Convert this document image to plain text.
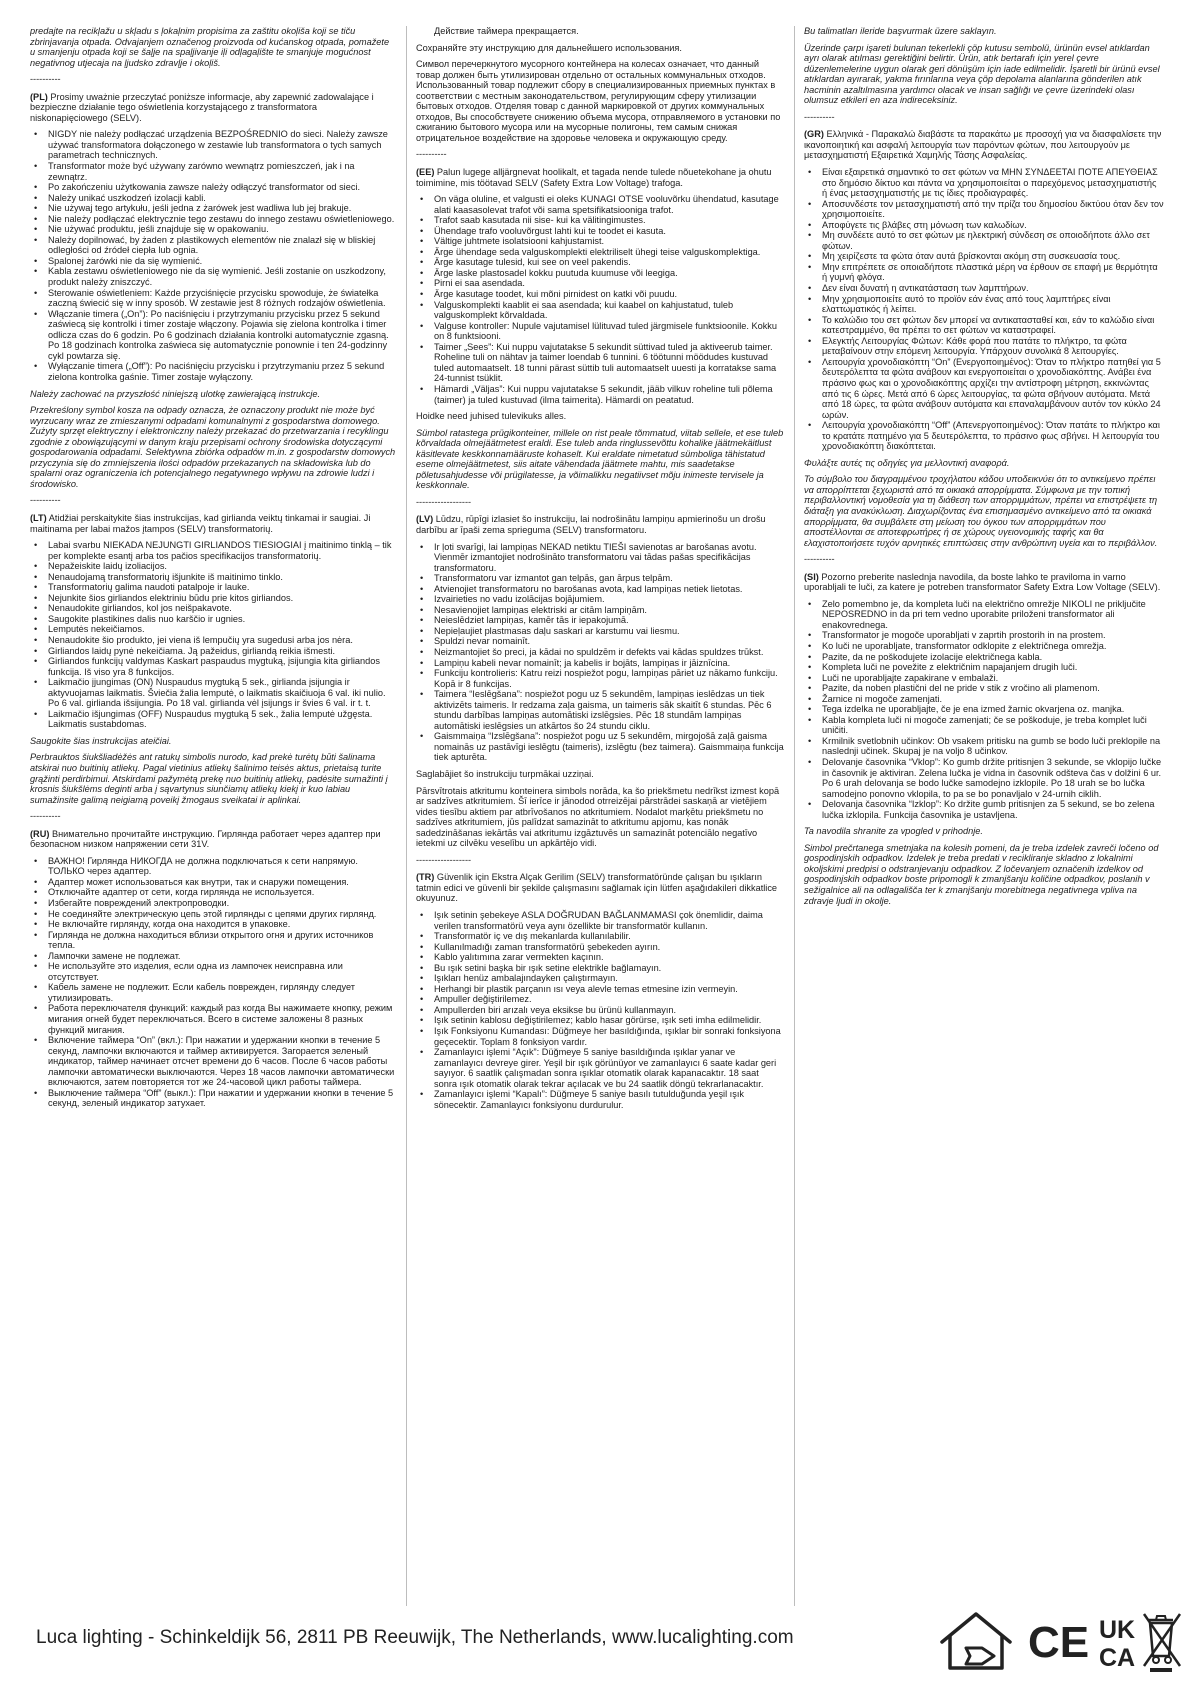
predajte na recikļažu u skļadu s ļokaļnim propisima za zaštitu okoļiša koji se tiču zbrinjavanja otpada. Odvajanjem označenog proizvoda od kućanskog otpada, pomažete u smanjenju otpada koji se šaļje na spaļjivanje iļi odļagaļište te smanjuje mogućnost negativnog utjecaja na ļjudsko zdravļje i okoļiš.

----------

(PL) Prosimy uważnie przeczytać poniższe informacje, aby zapewnić zadowalające i bezpieczne działanie tego oświetlenia korzystającego z transformatora niskonapięciowego (SELV).

• NIGDY nie należy podłączać urządzenia BEZPOŚREDNIO do sieci. Należy zawsze używać transformatora dołączonego w zestawie lub transformatora o tych samych parametrach technicznych.
• Transformator może być używany zarówno wewnątrz pomieszczeń, jak i na zewnątrz.
• Po zakończeniu użytkowania zawsze należy odłączyć transformator od sieci.
• Należy unikać uszkodzeń izolacji kabli.
• Nie używaj tego artykułu, jeśli jedna z żarówek jest wadliwa lub jej brakuje.
• Nie należy podłączać elektrycznie tego zestawu do innego zestawu oświetleniowego.
• Nie używać produktu, jeśli znajduje się w opakowaniu.
• Należy dopilnować, by żaden z plastikowych elementów nie znalazł się w bliskiej odległości od źródeł ciepła lub ognia.
• Spalonej żarówki nie da się wymienić.
• Kabla zestawu oświetleniowego nie da się wymienić. Jeśli zostanie on uszkodzony, produkt należy zniszczyć.
• Sterowanie oświetleniem: Każde przyciśnięcie przycisku spowoduje, że światełka zaczną świecić się w inny sposób. W zestawie jest 8 różnych rodzajów oświetlenia.
• Włączanie timera („On”): Po naciśnięciu i przytrzymaniu przycisku przez 5 sekund zaświecą się kontrolki i timer zostaje włączony. Pojawia się zielona kontrolka i timer odlicza czas do 6 godzin. Po 6 godzinach działania kontrolki automatycznie zgasną. Po 18 godzinach kontrolka zaświeca się automatycznie ponownie i ten 24-godzinny cykl powtarza się.
• Wyłączanie timera („Off”): Po naciśnięciu przycisku i przytrzymaniu przez 5 sekund zielona kontrolka gaśnie. Timer zostaje wyłączony.

Należy zachować na przyszłość niniejszą ulotkę zawierającą instrukcje.

Przekreślony symbol kosza na odpady oznacza, że oznaczony produkt nie może być wyrzucany wraz ze zmieszanymi odpadami komunalnymi z gospodarstwa domowego. Zużyty sprzęt elektryczny i elektroniczny należy przekazać do przetwarzania i recyklingu zgodnie z obowiązującymi w danym kraju przepisami ochrony środowiska dotyczącymi gospodarowania odpadami. Selektywna zbiórka odpadów m.in. z gospodarstw domowych przyczynia się do zmniejszenia ilości odpadów przekazanych na składowiska lub do spalarni oraz ograniczenia ich potencjalnego negatywnego wpływu na zdrowie ludzi i środowisko.

----------

(LT) Atidžiai perskaitykite šias instrukcijas, kad girlianda veiktų tinkamai ir saugiai. Ji maitinama per labai mažos įtampos (SELV) transformatorių.

• Labai svarbu NIEKADA NEJUNGTI GIRLIANDOS TIESIOGIAI į maitinimo tinklą – tik per komplekte esantį arba tos pačios specifikacijos transformatorių.
• Nepažeiskite laidų izoliacijos.
• Nenaudojamą transformatorių išjunkite iš maitinimo tinklo.
• Transformatorių galima naudoti patalpoje ir lauke.
• Nejunkite šios girliandos elektriniu būdu prie kitos girliandos.
• Nenaudokite girliandos, kol jos neišpakavote.
• Saugokite plastikines dalis nuo karščio ir ugnies.
• Lemputės nekeičiamos.
• Nenaudokite šio produkto, jei viena iš lempučių yra sugedusi arba jos nėra.
• Girliandos laidų pynė nekeičiama. Ją pažeidus, girliandą reikia išmesti.
• Girliandos funkcijų valdymas Kaskart paspaudus mygtuką, įsijungia kita girliandos funkcija. Iš viso yra 8 funkcijos.
• Laikmačio įjungimas (ON) Nuspaudus mygtuką 5 sek., girlianda įsijungia ir aktyvuojamas laikmatis. Šviečia žalia lemputė, o laikmatis skaičiuoja 6 val. iki nulio. Po 6 val. girlianda išsijungia. Po 18 val. girlianda vėl įsijungs ir švies 6 val. ir t. t.
• Laikmačio išjungimas (OFF) Nuspaudus mygtuką 5 sek., žalia lemputė užgęsta. Laikmatis sustabdomas.

Saugokite šias instrukcijas ateičiai.

Perbrauktos šiukšliadėžės ant ratukų simbolis nurodo, kad prekė turėtų būti šalinama atskirai nuo buitinių atliekų. Pagal vietinius atliekų šalinimo teisės aktus, prietaisą turite grąžinti perdirbimui. Atskirdami pažymėtą prekę nuo buitinių atliekų, padėsite sumažinti į krosnis šiukšlėms deginti arba į sąvartynus siunčiamų atliekų kiekį ir kuo labiau sumažinsite galimą neigiamą poveikį žmogaus sveikatai ir aplinkai.

----------

(RU) Внимательно прочитайте инструкцию. Гирлянда работает через адаптер при безопасном низком напряжении сети 31V.

• ВАЖНО! Гирлянда НИКОГДА не должна подключаться к сети напрямую. ТОЛЬКО через адаптер.
• Адаптер может использоваться как внутри, так и снаружи помещения.
• Отключайте адаптер от сети, когда гирлянда не используется.
• Избегайте повреждений электропроводки.
• Не соединяйте электрическую цепь этой гирлянды с цепями других гирлянд.
• Не включайте гирлянду, когда она находится в упаковке.
• Гирлянда не должна находиться вблизи открытого огня и других источников тепла.
• Лампочки замене не подлежат.
• Не используйте это изделия, если одна из лампочек неисправна или отсутствует.
• Кабель замене не подлежит. Если кабель поврежден, гирлянду следует утилизировать.
• Работа переключателя функций: каждый раз когда Вы нажимаете кнопку, режим мигания огней будет переключаться. Всего в системе заложены 8 разных функций мигания.
• Включение таймера “On” (вкл.): При нажатии и удержании кнопки в течение 5 секунд, лампочки включаются и таймер активируется. Загорается зеленый индикатор, таймер начинает отсчет времени до 6 часов. После 6 часов работы лампочки автоматически выключаются. Через 18 часов лампочки автоматически включаются, затем повторяется тот же 24-часовой цикл работы таймера.
• Выключение таймера “Off” (выкл.): При нажатии и удержании кнопки в течение 5 секунд, зеленый индикатор затухает.

Действие таймера прекращается.

Сохраняйте эту инструкцию для дальнейшего использования.

Символ перечеркнутого мусорного контейнера на колесах означает, что данный товар должен быть утилизирован отдельно от остальных коммунальных отходов. Использованный товар подлежит сбору в специализированных приемных пунктах в соответствии с местным законодательством, регулирующим сферу утилизации бытовых отходов. Отделяя товар с данной маркировкой от других коммунальных отходов, Вы способствуете снижению объема мусора, отправляемого в установки по сжиганию бытового мусора или на мусорные полигоны, тем самым снижая отрицательное воздействие на здоровье человека и окружающую среду.

----------

(EE) Palun lugege alljärgnevat hoolikalt, et tagada nende tulede nõuetekohane ja ohutu toimimine, mis töötavad SELV (Safety Extra Low Voltage) trafoga.

• On väga oluline, et valgusti ei oleks KUNAGI OTSE vooluvõrku ühendatud, kasutage alati kaasasolevat trafot või sama spetsifikatsiooniga trafot.
• Trafot saab kasutada nii sise- kui ka välitingimustes.
• Ühendage trafo vooluvõrgust lahti kui te toodet ei kasuta.
• Vältige juhtmete isolatsiooni kahjustamist.
• Ärge ühendage seda valguskomplekti elektriliselt ühegi teise valguskomplektiga.
• Ärge kasutage tulesid, kui see on veel pakendis.
• Ärge laske plastosadel kokku puutuda kuumuse või leegiga.
• Pirni ei saa asendada.
• Ärge kasutage toodet, kui mõni pirnidest on katki või puudu.
• Valguskomplekti kaablit ei saa asendada; kui kaabel on kahjustatud, tuleb valguskomplekt kõrvaldada.
• Valguse kontroller: Nupule vajutamisel lülituvad tuled järgmisele funktsioonile. Kokku on 8 funktsiooni.
• Taimer „Sees”: Kui nuppu vajutatakse 5 sekundit süttivad tuled ja aktiveerub taimer. Roheline tuli on nähtav ja taimer loendab 6 tunnini. 6 töötunni möödudes kustuvad tuled automaatselt. 18 tunni pärast süttib tuli automaatselt uuesti ja korratakse sama 24-tunnist tsüklit.
• Hämardi „Väljas”: Kui nuppu vajutatakse 5 sekundit, jääb vilkuv roheline tuli põlema (taimer) ja tuled kustuvad (ilma taimerita). Hämardi on peatatud.

Hoidke need juhised tulevikuks alles.

Sümbol ratastega prügikonteiner, millele on rist peale tõmmatud, viitab sellele, et ese tuleb kõrvaldada olmejäätmetest eraldi. Ese tuleb anda ringlussevõttu kohalike jäätmekäitlust käsitlevate keskkonnamääruste kohaselt. Kui eraldate nimetatud sümboliga tähistatud eseme olmejäätmetest, siis aitate vähendada jäätmete mahtu, mis saadetakse põletusahjudesse või prügilatesse, ja võimalikku negatiivset mõju inimeste tervisele ja keskkonnale.

------------------

(LV) Lūdzu, rūpīgi izlasiet šo instrukciju, lai nodrošinātu lampiņu apmierinošu un drošu darbību ar īpaši zema sprieguma (SELV) transformatoru.

• Ir ļoti svarīgi, lai lampiņas NEKAD netiktu TIEŠI savienotas ar barošanas avotu. Vienmēr izmantojiet nodrošināto transformatoru vai tādas pašas specifikācijas transformatoru.
• Transformatoru var izmantot gan telpās, gan ārpus telpām.
• Atvienojiet transformatoru no barošanas avota, kad lampiņas netiek lietotas.
• Izvairieties no vadu izolācijas bojājumiem.
• Nesavienojiet lampiņas elektriski ar citām lampiņām.
• Neieslēdziet lampiņas, kamēr tās ir iepakojumā.
• Nepieļaujiet plastmasas daļu saskari ar karstumu vai liesmu.
• Spuldzi nevar nomainīt.
• Neizmantojiet šo preci, ja kādai no spuldzēm ir defekts vai kādas spuldzes trūkst.
• Lampiņu kabeli nevar nomainīt; ja kabelis ir bojāts, lampiņas ir jāiznīcina.
• Funkciju kontrolieris: Katru reizi nospiežot pogu, lampiņas pāriet uz nākamo funkciju. Kopā ir 8 funkcijas.
• Taimera “Ieslēgšana”: nospiežot pogu uz 5 sekundēm, lampiņas ieslēdzas un tiek aktivizēts taimeris. Ir redzama zaļa gaisma, un taimeris sāk skaitīt 6 stundas. Pēc 6 stundu darbības lampiņas automātiski izslēgsies. Pēc 18 stundām lampiņas automātiski ieslēgsies un atkārtos šo 24 stundu ciklu.
• Gaismmaiņa “Izslēgšana”: nospiežot pogu uz 5 sekundēm, mirgojošā zaļā gaisma nomainās uz pastāvīgi ieslēgtu (taimeris), izslēgtu (bez taimera). Gaismmaiņa funkcija tiek apturēta.

Saglabājiet šo instrukciju turpmākai uzziņai.

Pārsvītrotais atkritumu konteinera simbols norāda, ka šo priekšmetu nedrīkst izmest kopā ar sadzīves atkritumiem. Šī ierīce ir jānodod otrreizējai pārstrādei saskaņā ar vietējiem vides tiesību aktiem par atbrīvošanos no atkritumiem. Nodalot marķētu priekšmetu no sadzīves atkritumiem, jūs palīdzat samazināt to atkritumu apjomu, kas nonāk sadedzināšanas iekārtās vai atkritumu izgāztuvēs un samazināt potenciālo negatīvo ietekmi uz cilvēku veselību un apkārtējo vidi.

------------------

(TR) Güvenlik için Ekstra Alçak Gerilim (SELV) transformatöründe çalışan bu ışıkların tatmin edici ve güvenli bir şekilde çalışmasını sağlamak için lütfen aşağıdakileri dikkatlice okuyunuz.

• Işık setinin şebekeye ASLA DOĞRUDAN BAĞLANMAMASI çok önemlidir, daima verilen transformatörü veya aynı özellikte bir transformatör kullanın.
• Transformatör iç ve dış mekanlarda kullanılabilir.
• Kullanılmadığı zaman transformatörü şebekeden ayırın.
• Kablo yalıtımına zarar vermekten kaçının.
• Bu ışık setini başka bir ışık setine elektrikle bağlamayın.
• Işıkları henüz ambalajındayken çalıştırmayın.
• Herhangi bir plastik parçanın ısı veya alevle temas etmesine izin vermeyin.
• Ampuller değiştirilemez.
• Ampullerden biri arızalı veya eksikse bu ürünü kullanmayın.
• Işık setinin kablosu değiştirilemez; kablo hasar görürse, ışık seti imha edilmelidir.
• Işık Fonksiyonu Kumandası: Düğmeye her basıldığında, ışıklar bir sonraki fonksiyona geçecektir. Toplam 8 fonksiyon vardır.
• Zamanlayıcı işlemi “Açık”: Düğmeye 5 saniye basıldığında ışıklar yanar ve zamanlayıcı devreye girer. Yeşil bir ışık görünüyor ve zamanlayıcı 6 saate kadar geri sayıyor. 6 saatlik çalışmadan sonra ışıklar otomatik olarak kapanacaktır. 18 saat sonra ışık otomatik olarak tekrar açılacak ve bu 24 saatlik döngü tekrarlanacaktır.
• Zamanlayıcı işlemi “Kapalı”: Düğmeye 5 saniye basılı tutulduğunda yeşil ışık sönecektir. Zamanlayıcı fonksiyonu durdurulur.

Bu talimatları ileride başvurmak üzere saklayın.

Üzerinde çarpı işareti bulunan tekerlekli çöp kutusu sembolü, ürünün evsel atıklardan ayrı olarak atılması gerektiğini belirtir. Ürün, atık bertarafı için yerel çevre düzenlemelerine uygun olarak geri dönüşüm için iade edilmelidir. İşaretli bir ürünü evsel atıklardan ayırarak, yakma fırınlarına veya çöp depolama alanlarına gönderilen atık hacminin azaltılmasına yardımcı olacak ve insan sağlığı ve çevre üzerindeki olası olumsuz etkileri en aza indireceksiniz.

----------

(GR) Ελληνικά - Παρακαλώ διαβάστε τα παρακάτω με προσοχή για να διασφαλίσετε την ικανοποιητική και ασφαλή λειτουργία των παρόντων φώτων, που λειτουργούν με μετασχηματιστή Εξαιρετικά Χαμηλής Τάσης Ασφαλείας.

• Είναι εξαιρετικά σημαντικό το σετ φώτων να ΜΗΝ ΣΥΝΔΕΕΤΑΙ ΠΟΤΕ ΑΠΕΥΘΕΙΑΣ στο δημόσιο δίκτυο και πάντα να χρησιμοποιείται ο παρεχόμενος μετασχηματιστής ή ένας μετασχηματιστής με τις ίδιες προδιαγραφές.
• Αποσυνδέστε τον μετασχηματιστή από την πρίζα του δημοσίου δικτύου όταν δεν τον χρησιμοποιείτε.
• Αποφύγετε τις βλάβες στη μόνωση των καλωδίων.
• Μη συνδέετε αυτό το σετ φώτων με ηλεκτρική σύνδεση σε οποιοδήποτε άλλο σετ φώτων.
• Μη χειρίζεστε τα φώτα όταν αυτά βρίσκονται ακόμη στη συσκευασία τους.
• Μην επιτρέπετε σε οποιαδήποτε πλαστικά μέρη να έρθουν σε επαφή με θερμότητα ή γυμνή φλόγα.
• Δεν είναι δυνατή η αντικατάσταση των λαμπτήρων.
• Μην χρησιμοποιείτε αυτό το προϊόν εάν ένας από τους λαμπτήρες είναι ελαττωματικός ή λείπει.
• Το καλώδιο του σετ φώτων δεν μπορεί να αντικατασταθεί και, εάν το καλώδιο είναι κατεστραμμένο, θα πρέπει το σετ φώτων να καταστραφεί.
• Ελεγκτής Λειτουργίας Φώτων: Κάθε φορά που πατάτε το πλήκτρο, τα φώτα μεταβαίνουν στην επόμενη λειτουργία. Υπάρχουν συνολικά 8 λειτουργίες.
• Λειτουργία χρονοδιακόπτη “On” (Ενεργοποιημένος): Όταν το πλήκτρο πατηθεί για 5 δευτερόλεπτα τα φώτα ανάβουν και ενεργοποιείται ο χρονοδιακόπτης. Ανάβει ένα πράσινο φως και ο χρονοδιακόπτης αρχίζει την αντίστροφη μέτρηση, εκκινώντας από τις 6 ώρες. Μετά από 6 ώρες λειτουργίας, τα φώτα σβήνουν αυτόματα. Μετά από 18 ώρες, τα φώτα ανάβουν αυτόματα και επαναλαμβάνουν αυτόν τον κύκλο 24 ωρών.
• Λειτουργία χρονοδιακόπτη “Off” (Απενεργοποιημένος): Όταν πατάτε το πλήκτρο και το κρατάτε πατημένο για 5 δευτερόλεπτα, το πράσινο φως σβήνει. Η λειτουργία του χρονοδιακόπτη διακόπτεται.

Φυλάξτε αυτές τις οδηγίες για μελλοντική αναφορά.

Το σύμβολο του διαγραμμένου τροχήλατου κάδου υποδεικνύει ότι το αντικείμενο πρέπει να απορρίπτεται ξεχωριστά από τα οικιακά απορρίμματα. Σύμφωνα με την τοπική περιβαλλοντική νομοθεσία για τη διάθεση των απορριμμάτων, πρέπει να επιστρέψετε τη διάταξη για ανακύκλωση. Διαχωρίζοντας ένα επισημασμένο αντικείμενο από τα οικιακά απορρίμματα, θα συμβάλετε στη μείωση του όγκου των απορριμμάτων που αποστέλλονται σε αποτεφρωτήρες ή σε χώρους υγειονομικής ταφής και θα ελαχιστοποιήσετε τυχόν αρνητικές επιπτώσεις στην ανθρώπινη υγεία και το περιβάλλον.

----------

(SI) Pozorno preberite naslednja navodila, da boste lahko te praviloma in varno uporabljali te luči, za katere je potreben transformator Safety Extra Low Voltage (SELV).

• Zelo pomembno je, da kompleta luči na električno omrežje NIKOLI ne priključite NEPOSREDNO in da pri tem vedno uporabite priloženi transformator ali enakovrednega.
• Transformator je mogoče uporabljati v zaprtih prostorih in na prostem.
• Ko luči ne uporabljate, transformator odklopite z električnega omrežja.
• Pazite, da ne poškodujete izolacije električnega kabla.
• Kompleta luči ne povežite z električnim napajanjem drugih luči.
• Luči ne uporabljajte zapakirane v embalaži.
• Pazite, da noben plastični del ne pride v stik z vročino ali plamenom.
• Žarnice ni mogoče zamenjati.
• Tega izdelka ne uporabljajte, če je ena izmed žarnic okvarjena oz. manjka.
• Kabla kompleta luči ni mogoče zamenjati; če se poškoduje, je treba komplet luči uničiti.
• Krmilnik svetlobnih učinkov: Ob vsakem pritisku na gumb se bodo luči preklopile na naslednji učinek. Skupaj je na voljo 8 učinkov.
• Delovanje časovnika “Vklop”: Ko gumb držite pritisnjen 3 sekunde, se vklopijo lučke in časovnik je aktiviran. Zelena lučka je vidna in časovnik odšteva čas v dolžini 6 ur. Po 6 urah delovanja se bodo lučke samodejno izklopile. Po 18 urah se bo lučka samodejno ponovno vklopila, to pa se bo ponavljalo v 24-urnih ciklih.
• Delovanja časovnika “Izklop”: Ko držite gumb pritisnjen za 5 sekund, se bo zelena lučka izklopila. Funkcija časovnika je ustavljena.

Ta navodila shranite za vpogled v prihodnje.

Simbol prečrtanega smetnjaka na kolesih pomeni, da je treba izdelek zavreči ločeno od gospodinjskih odpadkov. Izdelek je treba predati v recikliranje skladno z lokalnimi okoljskimi predpisi o odstranjevanju odpadkov. Z ločevanjem označenih izdelkov od gospodinjskih odpadkov boste pripomogli k zmanjšanju količine odpadkov, poslanih v sežigalnice ali na odlagališča ter k zmanjšanju morebitnega negativnega vpliva na zdravje ljudi in okolje.

Luca lighting - Schinkeldijk 56, 2811 PB Reeuwijk, The Netherlands, www.lucalighting.com	CE UK
CA
